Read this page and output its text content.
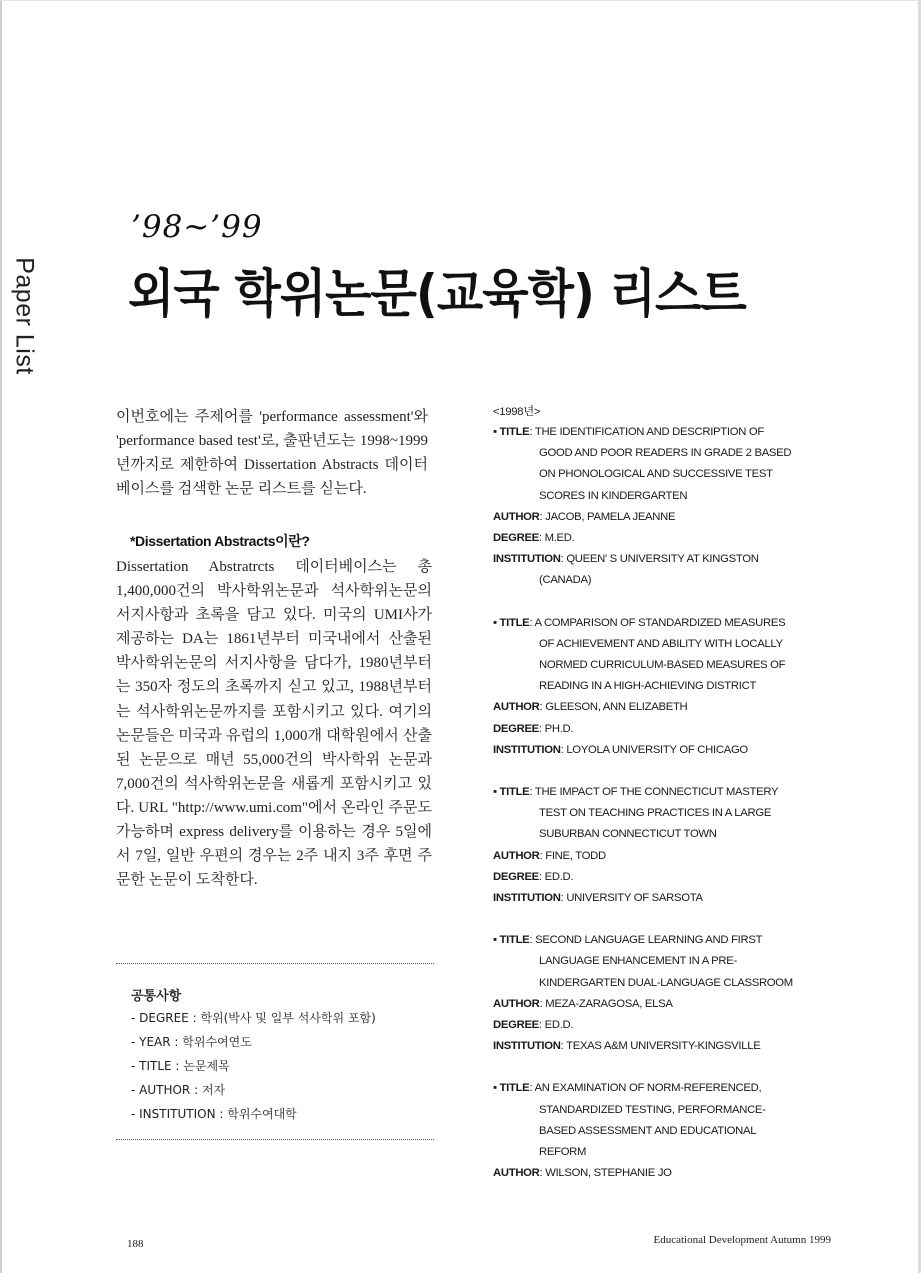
Paper List
’98~’99
외국 학위논문(교육학) 리스트
이번호에는 주제어를 'performance assessment'와 'performance based test'로, 출판년도는 1998~1999년까지로 제한하여 Dissertation Abstracts 데이터베이스를 검색한 논문 리스트를 싣는다.
*Dissertation Abstracts이란?
Dissertation Abstratrcts 데이터베이스는 총 1,400,000건의 박사학위논문과 석사학위논문의 서지사항과 초록을 담고 있다. 미국의 UMI사가 제공하는 DA는 1861년부터 미국내에서 산출된 박사학위논문의 서지사항을 담다가, 1980년부터는 350자 정도의 초록까지 싣고 있고, 1988년부터는 석사학위논문까지를 포함시키고 있다. 여기의 논문들은 미국과 유럽의 1,000개 대학원에서 산출된 논문으로 매년 55,000건의 박사학위 논문과 7,000건의 석사학위논문을 새롭게 포함시키고 있다. URL "http://www.umi.com"에서 온라인 주문도 가능하며 express delivery를 이용하는 경우 5일에서 7일, 일반 우편의 경우는 2주 내지 3주 후면 주문한 논문이 도착한다.
공통사항
- DEGREE : 학위(박사 및 일부 석사학위 포함)
- YEAR : 학위수여연도
- TITLE : 논문제목
- AUTHOR : 저자
- INSTITUTION : 학위수여대학
<1998년>
▪ TITLE: THE IDENTIFICATION AND DESCRIPTION OF
GOOD AND POOR READERS IN GRADE 2 BASED
ON PHONOLOGICAL AND SUCCESSIVE TEST
SCORES IN KINDERGARTEN
AUTHOR: JACOB, PAMELA JEANNE
DEGREE: M.ED.
INSTITUTION: QUEEN' S UNIVERSITY AT KINGSTON
(CANADA)
▪ TITLE: A COMPARISON OF STANDARDIZED MEASURES
OF ACHIEVEMENT AND ABILITY WITH LOCALLY
NORMED CURRICULUM-BASED MEASURES OF
READING IN A HIGH-ACHIEVING DISTRICT
AUTHOR: GLEESON, ANN ELIZABETH
DEGREE: PH.D.
INSTITUTION: LOYOLA UNIVERSITY OF CHICAGO
▪ TITLE: THE IMPACT OF THE CONNECTICUT MASTERY
TEST ON TEACHING PRACTICES IN A LARGE
SUBURBAN CONNECTICUT TOWN
AUTHOR: FINE, TODD
DEGREE: ED.D.
INSTITUTION: UNIVERSITY OF SARSOTA
▪ TITLE: SECOND LANGUAGE LEARNING AND FIRST
LANGUAGE ENHANCEMENT IN A PRE-
KINDERGARTEN DUAL-LANGUAGE CLASSROOM
AUTHOR: MEZA-ZARAGOSA, ELSA
DEGREE: ED.D.
INSTITUTION: TEXAS A&M UNIVERSITY-KINGSVILLE
▪ TITLE: AN EXAMINATION OF NORM-REFERENCED,
STANDARDIZED TESTING, PERFORMANCE-
BASED ASSESSMENT AND EDUCATIONAL
REFORM
AUTHOR: WILSON, STEPHANIE JO
188	Educational Development Autumn 1999
